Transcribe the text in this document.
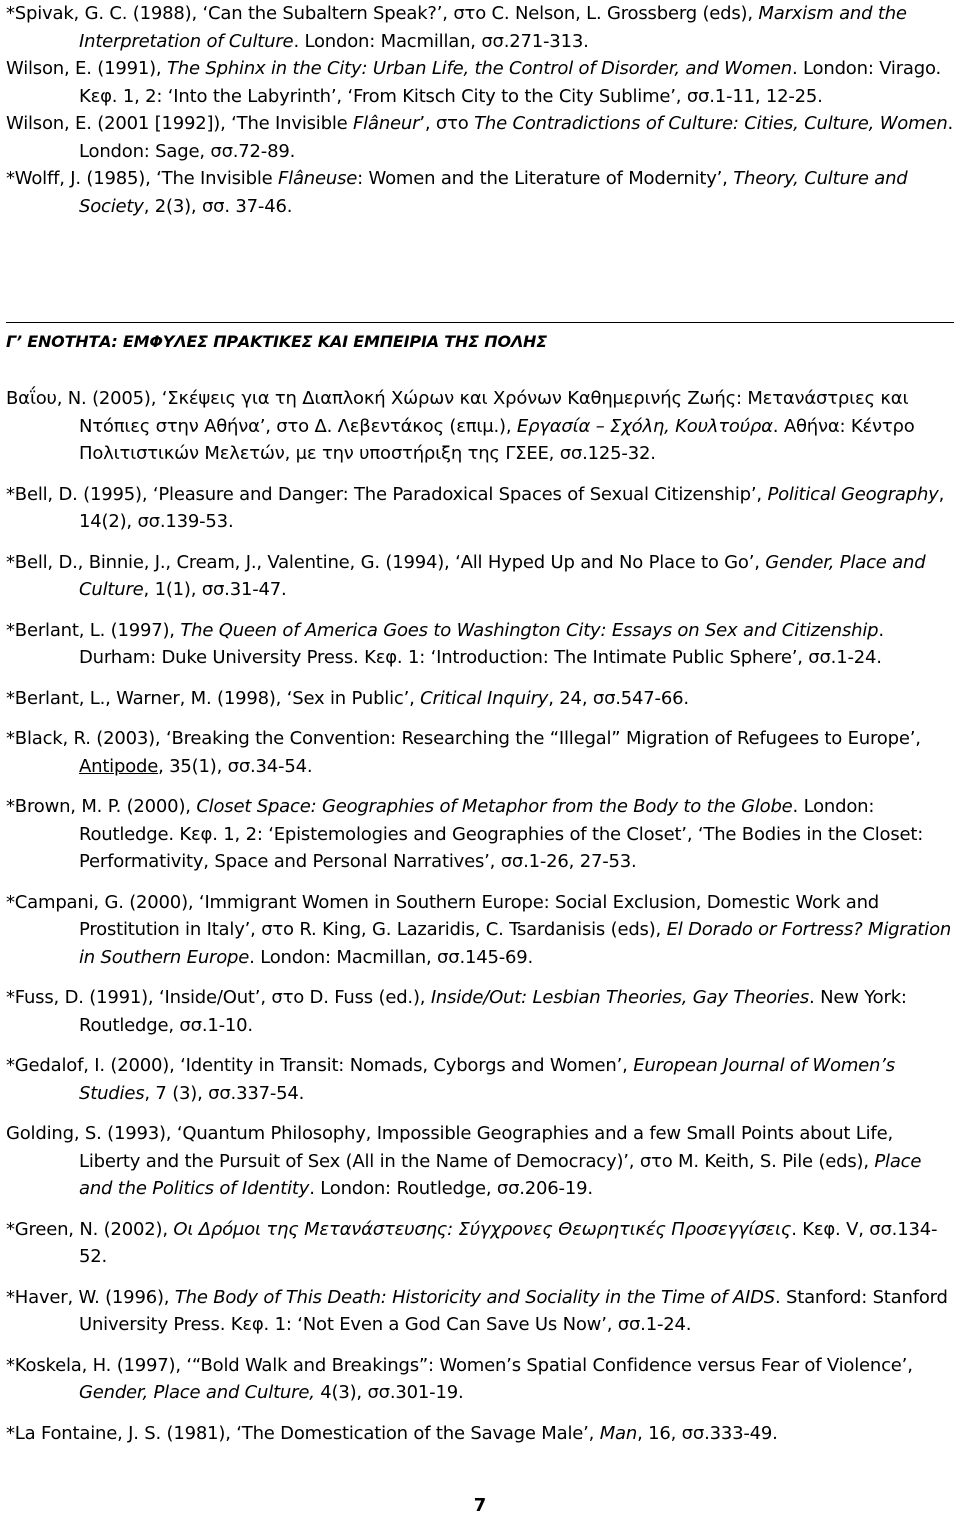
*Spivak, G. C. (1988), ‘Can the Subaltern Speak?’, στο C. Nelson, L. Grossberg (eds), Marxism and the Interpretation of Culture. London: Macmillan, σσ.271-313.

Wilson, E. (1991), The Sphinx in the City: Urban Life, the Control of Disorder, and Women. London: Virago. Κεφ. 1, 2: ‘Into the Labyrinth’, ‘From Kitsch City to the City Sublime’, σσ.1-11, 12-25.

Wilson, E. (2001 [1992]), ‘The Invisible Flâneur’, στο The Contradictions of Culture: Cities, Culture, Women. London: Sage, σσ.72-89.

*Wolff, J. (1985), ‘The Invisible Flâneuse: Women and the Literature of Modernity’, Theory, Culture and Society, 2(3), σσ. 37-46.

Γ’ ΕΝΟΤΗΤΑ: ΕΜΦΥΛΕΣ ΠΡΑΚΤΙΚΕΣ ΚΑΙ ΕΜΠΕΙΡΙΑ ΤΗΣ ΠΟΛΗΣ

Βαΐου, Ν. (2005), ‘Σκέψεις για τη Διαπλοκή Χώρων και Χρόνων Καθημερινής Ζωής: Μετανάστριες και Ντόπιες στην Αθήνα’, στο Δ. Λεβεντάκος (επιμ.), Εργασία – Σχόλη, Κουλτούρα. Αθήνα: Κέντρο Πολιτιστικών Μελετών, με την υποστήριξη της ΓΣΕΕ, σσ.125-32.

*Bell, D. (1995), ‘Pleasure and Danger: The Paradoxical Spaces of Sexual Citizenship’, Political Geography, 14(2), σσ.139-53.

*Bell, D., Binnie, J., Cream, J., Valentine, G. (1994), ‘All Hyped Up and No Place to Go’, Gender, Place and Culture, 1(1), σσ.31-47.

*Berlant, L. (1997), The Queen of America Goes to Washington City: Essays on Sex and Citizenship. Durham: Duke University Press. Κεφ. 1: ‘Introduction: The Intimate Public Sphere’, σσ.1-24.

*Berlant, L., Warner, M. (1998), ‘Sex in Public’, Critical Inquiry, 24, σσ.547-66.

*Black, R. (2003), ‘Breaking the Convention: Researching the “Illegal” Migration of Refugees to Europe’, Antipode, 35(1), σσ.34-54.

*Brown, M. P. (2000), Closet Space: Geographies of Metaphor from the Body to the Globe. London: Routledge. Κεφ. 1, 2: ‘Epistemologies and Geographies of the Closet’, ‘The Bodies in the Closet: Performativity, Space and Personal Narratives’, σσ.1-26, 27-53.

*Campani, G. (2000), ‘Immigrant Women in Southern Europe: Social Exclusion, Domestic Work and Prostitution in Italy’, στο R. King, G. Lazaridis, C. Tsardanisis (eds), El Dorado or Fortress? Migration in Southern Europe. London: Macmillan, σσ.145-69.

*Fuss, D. (1991), ‘Inside/Out’, στο D. Fuss (ed.), Inside/Out: Lesbian Theories, Gay Theories. New York: Routledge, σσ.1-10.

*Gedalof, I. (2000), ‘Identity in Transit: Nomads, Cyborgs and Women’, European Journal of Women’s Studies, 7 (3), σσ.337-54.

Golding, S. (1993), ‘Quantum Philosophy, Impossible Geographies and a few Small Points about Life, Liberty and the Pursuit of Sex (All in the Name of Democracy)’, στο M. Keith, S. Pile (eds), Place and the Politics of Identity. London: Routledge, σσ.206-19.

*Green, N. (2002), Οι Δρόμοι της Μετανάστευσης: Σύγχρονες Θεωρητικές Προσεγγίσεις. Κεφ. V, σσ.134-52.

*Haver, W. (1996), The Body of This Death: Historicity and Sociality in the Time of AIDS. Stanford: Stanford University Press. Κεφ. 1: ‘Not Even a God Can Save Us Now’, σσ.1-24.

*Koskela, H. (1997), ‘“Bold Walk and Breakings”: Women’s Spatial Confidence versus Fear of Violence’, Gender, Place and Culture, 4(3), σσ.301-19.

*La Fontaine, J. S. (1981), ‘The Domestication of the Savage Male’, Man, 16, σσ.333-49.

7
